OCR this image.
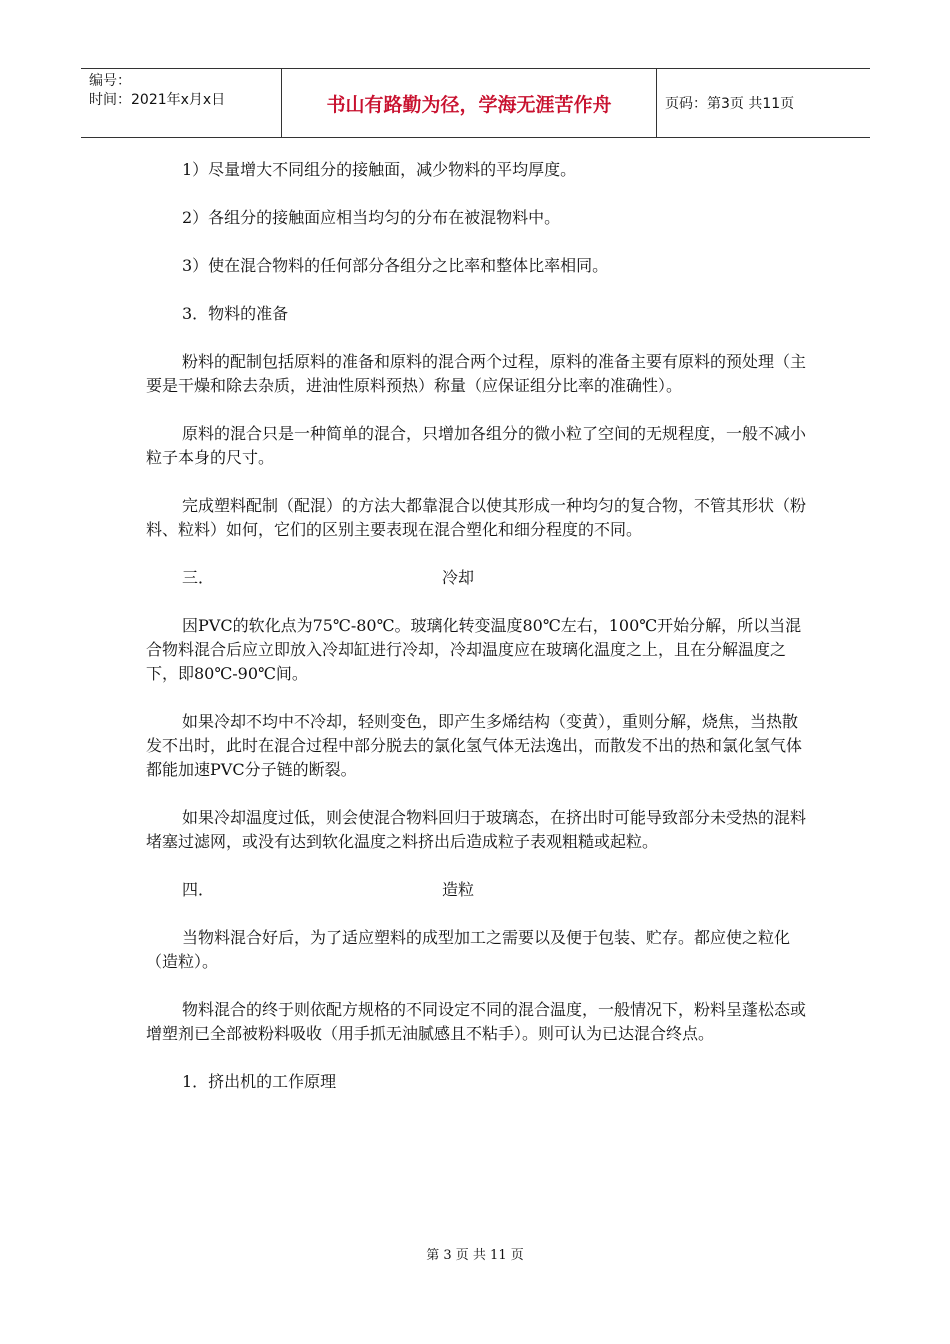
编号：
时间：2021年x月x日	书山有路勤为径，学海无涯苦作舟	页码：第3页 共11页

1）尽量增大不同组分的接触面，减少物料的平均厚度。

2）各组分的接触面应相当均匀的分布在被混物料中。

3）使在混合物料的任何部分各组分之比率和整体比率相同。

3．物料的准备

粉料的配制包括原料的准备和原料的混合两个过程，原料的准备主要有原料的预处理（主要是干燥和除去杂质，进油性原料预热）称量（应保证组分比率的准确性）。

原料的混合只是一种简单的混合，只增加各组分的微小粒了空间的无规程度，一般不减小粒子本身的尺寸。

完成塑料配制（配混）的方法大都靠混合以使其形成一种均匀的复合物，不管其形状（粉料、粒料）如何，它们的区别主要表现在混合塑化和细分程度的不同。

三．	冷却

因PVC的软化点为75℃-80℃。玻璃化转变温度80℃左右，100℃开始分解，所以当混合物料混合后应立即放入冷却缸进行冷却，冷却温度应在玻璃化温度之上，且在分解温度之下，即80℃-90℃间。

如果冷却不均中不冷却，轻则变色，即产生多烯结构（变黄），重则分解，烧焦，当热散发不出时，此时在混合过程中部分脱去的氯化氢气体无法逸出，而散发不出的热和氯化氢气体都能加速PVC分子链的断裂。

如果冷却温度过低，则会使混合物料回归于玻璃态，在挤出时可能导致部分未受热的混料堵塞过滤网，或没有达到软化温度之料挤出后造成粒子表观粗糙或起粒。

四．	造粒

当物料混合好后，为了适应塑料的成型加工之需要以及便于包装、贮存。都应使之粒化（造粒）。

物料混合的终于则依配方规格的不同设定不同的混合温度，一般情况下，粉料呈蓬松态或增塑剂已全部被粉料吸收（用手抓无油腻感且不粘手）。则可认为已达混合终点。

1．挤出机的工作原理

第 3 页 共 11 页
